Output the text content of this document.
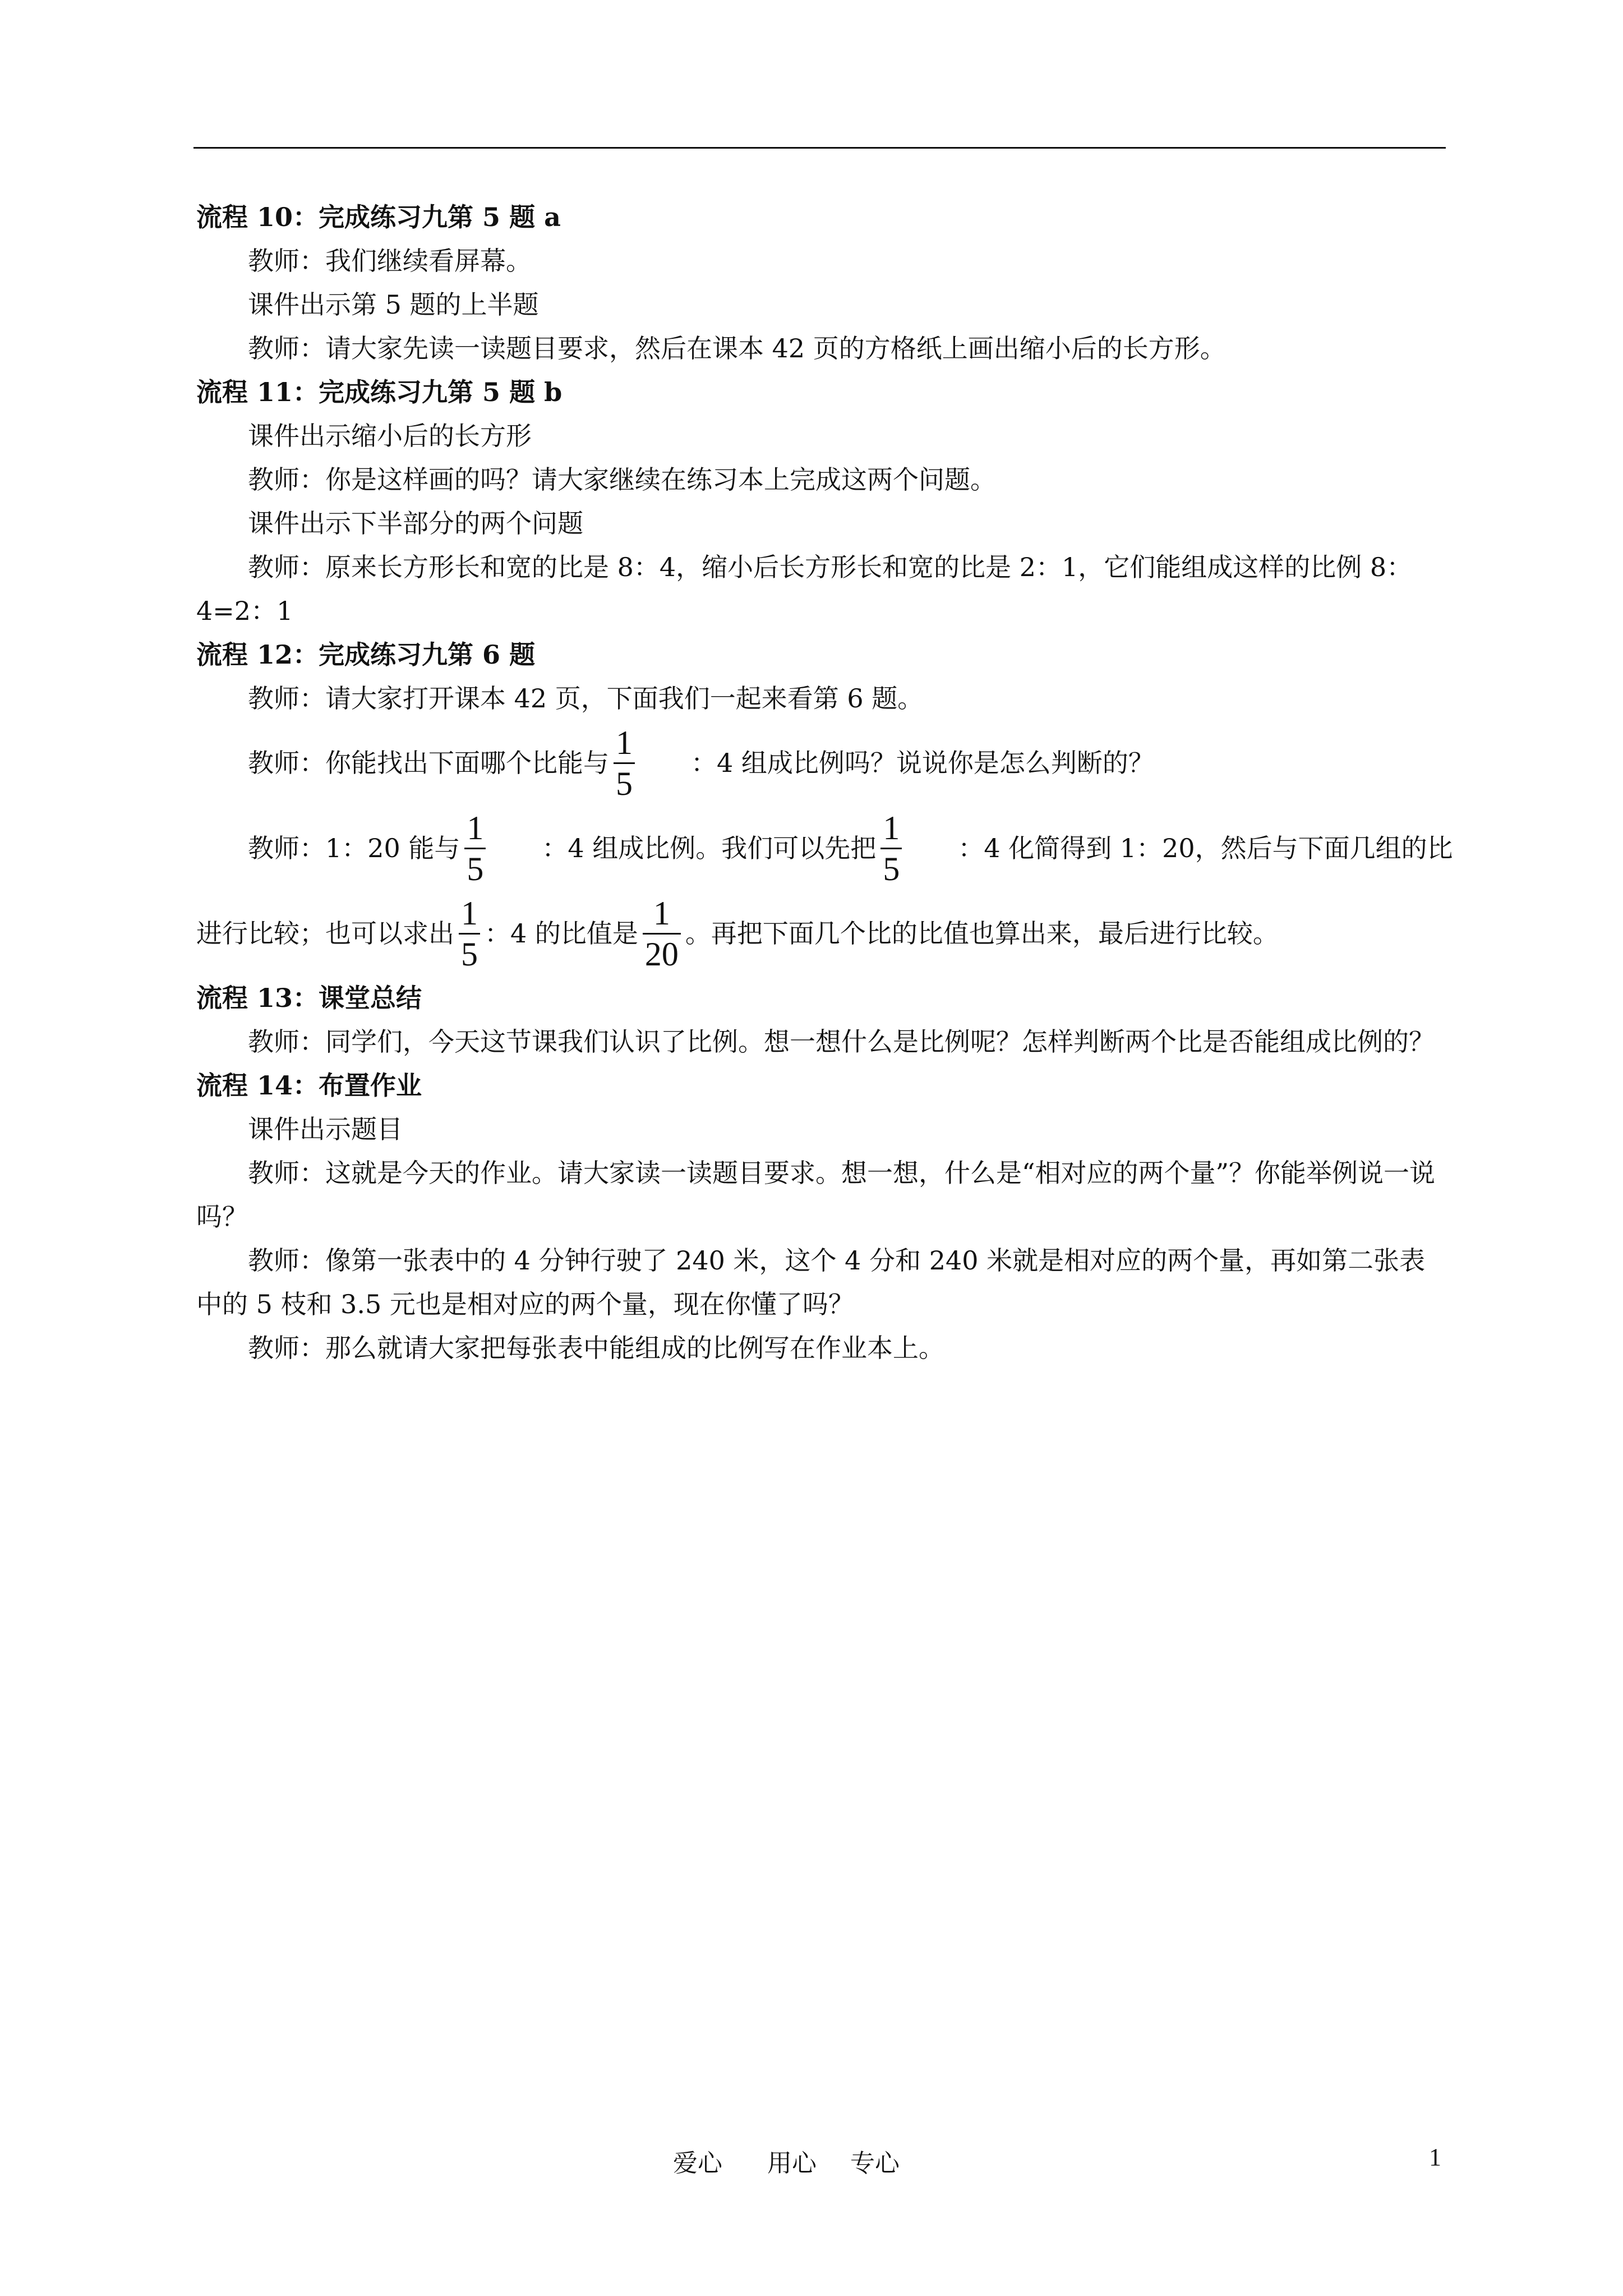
流程 10：完成练习九第 5 题 a

教师：我们继续看屏幕。

课件出示第 5 题的上半题

教师：请大家先读一读题目要求，然后在课本 42 页的方格纸上画出缩小后的长方形。

流程 11：完成练习九第 5 题 b

课件出示缩小后的长方形

教师：你是这样画的吗？请大家继续在练习本上完成这两个问题。

课件出示下半部分的两个问题

教师：原来长方形长和宽的比是 8：4，缩小后长方形长和宽的比是 2：1，它们能组成这样的比例 8：4=2：1

流程 12：完成练习九第 6 题

教师：请大家打开课本 42 页，下面我们一起来看第 6 题。

教师：你能找出下面哪个比能与 $\frac{1}{5}$	：4 组成比例吗？说说你是怎么判断的？
教师：1：20 能与 $\frac{1}{5}$	：4 组成比例。我们可以先把 $\frac{1}{5}$	：4 化简得到 1：20，然后与下面几组的比
进行比较；也可以求出 $\frac{1}{5}$ ：4 的比值是 $\frac{1}{20}$ 。再把下面几个比的比值也算出来，最后进行比较。
流程 13：课堂总结

教师：同学们，今天这节课我们认识了比例。想一想什么是比例呢？怎样判断两个比是否能组成比例的？

流程 14：布置作业

课件出示题目

教师：这就是今天的作业。请大家读一读题目要求。想一想，什么是“相对应的两个量”？你能举例说一说吗？

教师：像第一张表中的 4 分钟行驶了 240 米，这个 4 分和 240 米就是相对应的两个量，再如第二张表中的 5 枝和 3.5 元也是相对应的两个量，现在你懂了吗？

教师：那么就请大家把每张表中能组成的比例写在作业本上。

爱心 用心 专心	1
